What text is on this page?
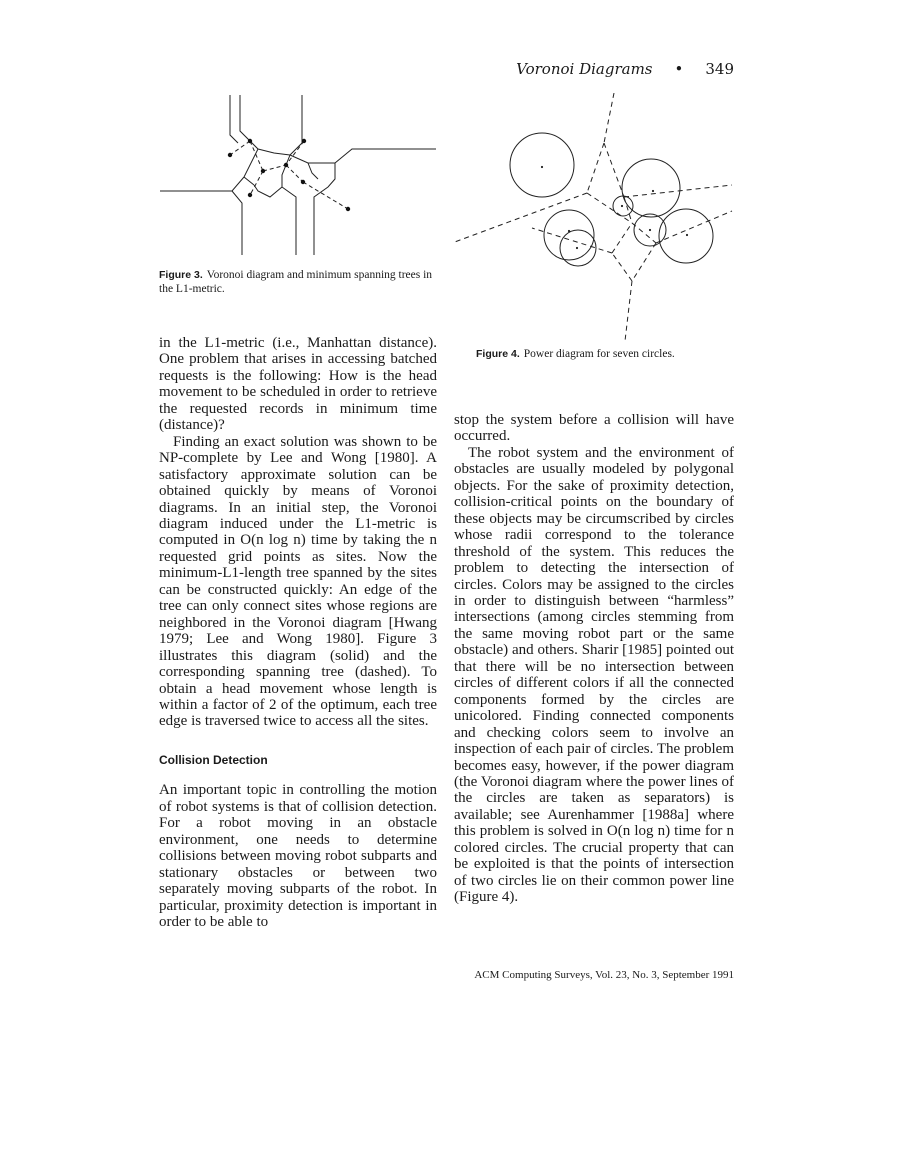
Voronoi Diagrams • 349
Figure 3. Voronoi diagram and minimum spanning trees in the L1-metric.
Figure 4. Power diagram for seven circles.

in the L1-metric (i.e., Manhattan distance). One problem that arises in accessing batched requests is the following: How is the head movement to be scheduled in order to retrieve the requested records in minimum time (distance)?

Finding an exact solution was shown to be NP-complete by Lee and Wong [1980]. A satisfactory approximate solution can be obtained quickly by means of Voronoi diagrams. In an initial step, the Voronoi diagram induced under the L1-metric is computed in O(n log n) time by taking the n requested grid points as sites. Now the minimum-L1-length tree spanned by the sites can be constructed quickly: An edge of the tree can only connect sites whose regions are neighbored in the Voronoi diagram [Hwang 1979; Lee and Wong 1980]. Figure 3 illustrates this diagram (solid) and the corresponding spanning tree (dashed). To obtain a head movement whose length is within a factor of 2 of the optimum, each tree edge is traversed twice to access all the sites.

Collision Detection

An important topic in controlling the motion of robot systems is that of collision detection. For a robot moving in an obstacle environment, one needs to determine collisions between moving robot subparts and stationary obstacles or between two separately moving subparts of the robot. In particular, proximity detection is important in order to be able to

stop the system before a collision will have occurred.

The robot system and the environment of obstacles are usually modeled by polygonal objects. For the sake of proximity detection, collision-critical points on the boundary of these objects may be circumscribed by circles whose radii correspond to the tolerance threshold of the system. This reduces the problem to detecting the intersection of circles. Colors may be assigned to the circles in order to distinguish between “harmless” intersections (among circles stemming from the same moving robot part or the same obstacle) and others. Sharir [1985] pointed out that there will be no intersection between circles of different colors if all the connected components formed by the circles are unicolored. Finding connected components and checking colors seem to involve an inspection of each pair of circles. The problem becomes easy, however, if the power diagram (the Voronoi diagram where the power lines of the circles are taken as separators) is available; see Aurenhammer [1988a] where this problem is solved in O(n log n) time for n colored circles. The crucial property that can be exploited is that the points of intersection of two circles lie on their common power line (Figure 4).

ACM Computing Surveys, Vol. 23, No. 3, September 1991
